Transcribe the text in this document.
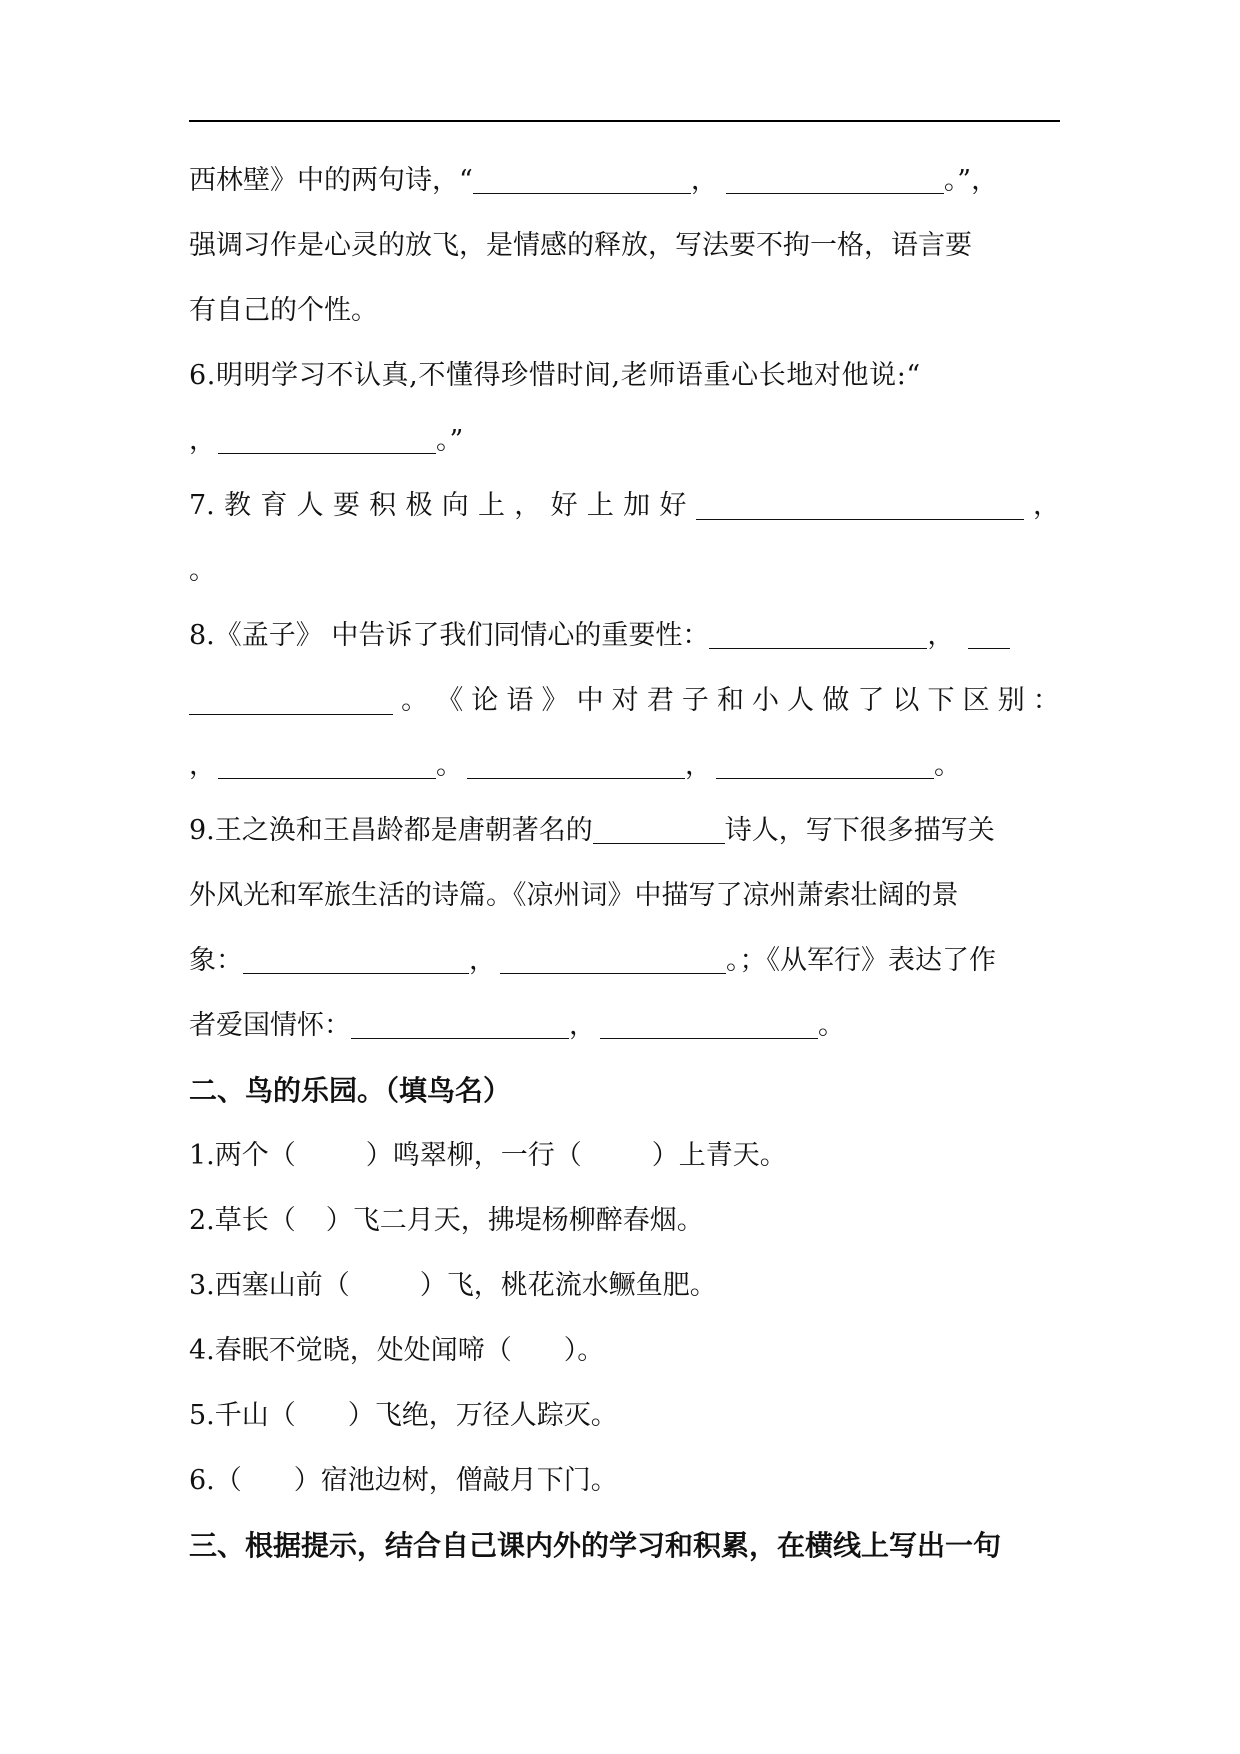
西林壁》中的两句诗，“	，	。”，
强调习作是心灵的放飞，是情感的释放，写法要不拘一格，语言要
有自己的个性。
6.明明学习不认真,不懂得珍惜时间,老师语重心长地对他说:“
，	。”
7. 教 育 人 要 积 极 向 上 ， 好 上 加 好	，
。
8.《孟子》 中告诉了我们同情心的重要性：	，
。 《 论 语 》 中 对 君 子 和 小 人 做 了 以 下 区 别 ：
，	。	，	。
9.王之涣和王昌龄都是唐朝著名的	诗人，写下很多描写关
外风光和军旅生活的诗篇。《凉州词》中描写了凉州萧索壮阔的景
象：	，	。；《从军行》表达了作
者爱国情怀：	，	。
二、鸟的乐园。（填鸟名）
1.两个（	）鸣翠柳，一行（	）上青天。
2.草长（ ）飞二月天，拂堤杨柳醉春烟。
3.西塞山前（	）飞，桃花流水鳜鱼肥。
4.春眠不觉晓，处处闻啼（ ）。
5.千山（ ）飞绝，万径人踪灭。
6.（ ）宿池边树，僧敲月下门。
三、根据提示，结合自己课内外的学习和积累，在横线上写出一句
